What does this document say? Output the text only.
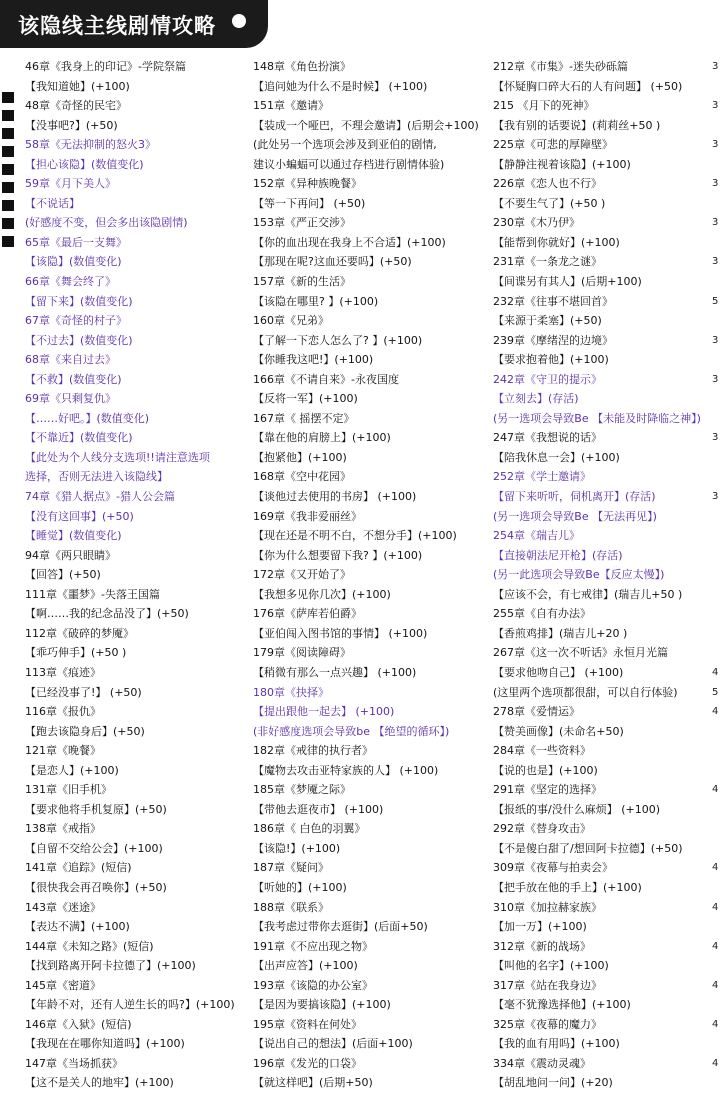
该隐线主线剧情攻略
46章《我身上的印记》-学院祭篇
【我知道她】(+100)
48章《奇怪的民宅》
【没事吧?】(+50)
58章《无法抑制的怒火3》
【担心该隐】(数值变化)
59章《月下美人》
【不说话】
(好感度不变，但会多出该隐剧情)
65章《最后一支舞》
【该隐】(数值变化)
66章《舞会终了》
【留下来】(数值变化)
67章《奇怪的村子》
【不过去】(数值变化)
68章《来自过去》
【不救】(数值变化)
69章《只剩复仇》
【……好吧。】(数值变化)
【不靠近】(数值变化)
【此处为个人线分支选项!!请注意选项
选择，否则无法进入该隐线】
74章《猎人据点》-猎人公会篇
【没有这回事】(+50)
【睡觉】(数值变化)
94章《两只眼睛》
【回答】(+50)
111章《噩梦》-失落王国篇
【啊……我的纪念品没了】(+50)
112章《破碎的梦魇》
【乖巧伸手】(+50 )
113章《痕迹》
【已经没事了!】 (+50)
116章《报仇》
【跑去该隐身后】(+50)
121章《晚餐》
【是恋人】(+100)
131章《旧手机》
【要求他将手机复原】(+50)
138章《戒指》
【自留不交给公会】(+100)
141章《追踪》(短信)
【很快我会再召唤你】(+50)
143章《迷途》
【表达不满】(+100)
144章《未知之路》(短信)
【找到路离开阿卡拉德了】(+100)
145章《密道》
【年龄不对，还有人逆生长的吗?】(+100)
146章《入狱》(短信)
【我现在在哪你知道吗】(+100)
147章《当场抓获》
【这不是关人的地牢】(+100)
148章《角色扮演》
【追问她为什么不是时候】 (+100)
151章《邀请》
【装成一个哑巴，不理会邀请】(后期会+100)
(此处另一个选项会涉及到亚伯的剧情,
建议小蝙蝠可以通过存档进行剧情体验)
152章《异种族晚餐》
【等一下再问】 (+50)
153章《严正交涉》
【你的血出现在我身上不合适】(+100)
【那现在呢?这血还要吗】(+50)
157章《新的生活》
【该隐在哪里? 】(+100)
160章《兄弟》
【了解一下恋人怎么了? 】(+100)
【你睡我这吧!】(+100)
166章《不请自来》-永夜国度
【反将一军】(+100)
167章《 摇摆不定》
【靠在他的肩膀上】(+100)
【抱紧他】(+100)
168章《空中花园》
【谈他过去使用的书房】 (+100)
169章《我非爱丽丝》
【现在还是不明不白，不想分手】(+100)
【你为什么想要留下我? 】(+100)
172章《又开始了》
【我想多见你几次】(+100)
176章《萨库若伯爵》
【亚伯闯入图书馆的事情】 (+100)
179章《阅读障碍》
【稍微有那么一点兴趣】 (+100)
180章《抉择》
【提出跟他一起去】 (+100)
(非好感度选项会导致be 【绝望的循环】)
182章《戒律的执行者》
【魔物去攻击亚特家族的人】 (+100)
185章《梦魇之际》
【带他去逛夜市】 (+100)
186章《 白色的羽翼》
【该隐!】(+100)
187章《疑问》
【听她的】(+100)
188章《联系》
【我考虑过带你去逛街】(后面+50)
191章《不应出现之物》
【出声应答】(+100)
193章《该隐的办公室》
【是因为要搞该隐】(+100)
195章《资料在何处》
【说出自己的想法】(后面+100)
196章《发光的口袋》
【就这样吧】(后期+50)
212章《市集》-迷失砂砾篇
【怀疑胸口碎大石的人有问题】 (+50)
215 《月下的死神》
【我有别的话要说】(莉莉丝+50 )
225章《可悲的厚障壁》
【静静注视着该隐】(+100)
226章《恋人也不行》
【不要生气了】(+50 )
230章《木乃伊》
【能帮到你就好】(+100)
231章《一条龙之谜》
【间谍另有其人】(后期+100)
232章《往事不堪回首》
【来源于柔塞】(+50)
239章《摩绪涅的边境》
【要求抱着他】(+100)
242章《守卫的提示》
【立刻去】(存活)
(另一选项会导致Be 【未能及时降临之神】)
247章《我想说的话》
【陪我休息一会】(+100)
252章《学士邀请》
【留下来听听，伺机离开】(存活)
(另一选项会导致Be 【无法再见】)
254章《瑞吉儿》
【直接朝法尼开枪】(存活)
(另一此选项会导致Be【反应太慢】)
【应该不会，有七戒律】(瑞吉儿+50 )
255章《自有办法》
【香煎鸡排】(瑞吉儿+20 )
267章《这一次不听话》永恒月光篇
【要求他吻自己】 (+100)
(这里两个选项都很甜，可以自行体验)
278章《爱情运》
【赞美画像】(未命名+50)
284章《一些资料》
【说的也是】(+100)
291章《坚定的选择》
【报纸的事/没什么麻烦】 (+100)
292章《替身攻击》
【不是傻白甜了/想回阿卡拉德】(+50)
309章《夜幕与拍卖会》
【把手放在他的手上】(+100)
310章《加拉赫家族》
【加一万】(+100)
312章《新的战场》
【叫他的名字】(+100)
317章《站在我身边》
【毫不犹豫选择他】(+100)
325章《夜幕的魔力》
【我的血有用吗】(+100)
334章《震动灵魂》
【胡乱地问一问】(+20)
3
3
3
3
3
3
5
3
3
3
3
4
5
4
4
4
4
4
4
4
4
